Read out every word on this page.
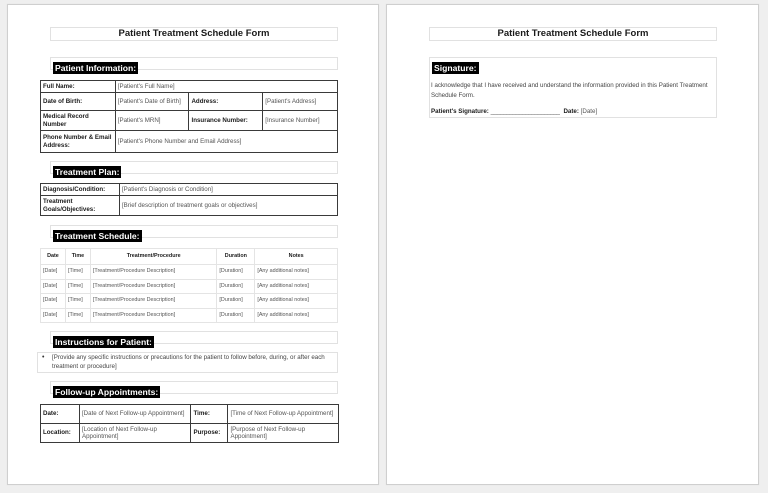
Patient Treatment Schedule Form
Patient Information:
Full Name:	[Patient's Full Name]		
Date of Birth:	[Patient's Date of Birth]	Address:	[Patient's Address]
Medical Record Number	[Patient's MRN]	Insurance Number:	[Insurance Number]
Phone Number & Email Address:	[Patient's Phone Number and Email Address]		
Treatment Plan:
Diagnosis/Condition:	[Patient's Diagnosis or Condition]
Treatment Goals/Objectives:	[Brief description of treatment goals or objectives]
Treatment Schedule:
Date	Time	Treatment/Procedure	Duration	Notes
[Date]	[Time]	[Treatment/Procedure Description]	[Duration]	[Any additional notes]
[Date]	[Time]	[Treatment/Procedure Description]	[Duration]	[Any additional notes]
[Date]	[Time]	[Treatment/Procedure Description]	[Duration]	[Any additional notes]
[Date]	[Time]	[Treatment/Procedure Description]	[Duration]	[Any additional notes]
Instructions for Patient:
• [Provide any specific instructions or precautions for the patient to follow before, during, or after each treatment or procedure]
Follow-up Appointments:
Date:	[Date of Next Follow-up Appointment]	Time:	[Time of Next Follow-up Appointment]
Location:	[Location of Next Follow-up Appointment]	Purpose:	[Purpose of Next Follow-up Appointment]
Patient Treatment Schedule Form
Signature:
I acknowledge that I have received and understand the information provided in this Patient Treatment Schedule Form.
Patient's Signature: ______________________ Date: [Date]
